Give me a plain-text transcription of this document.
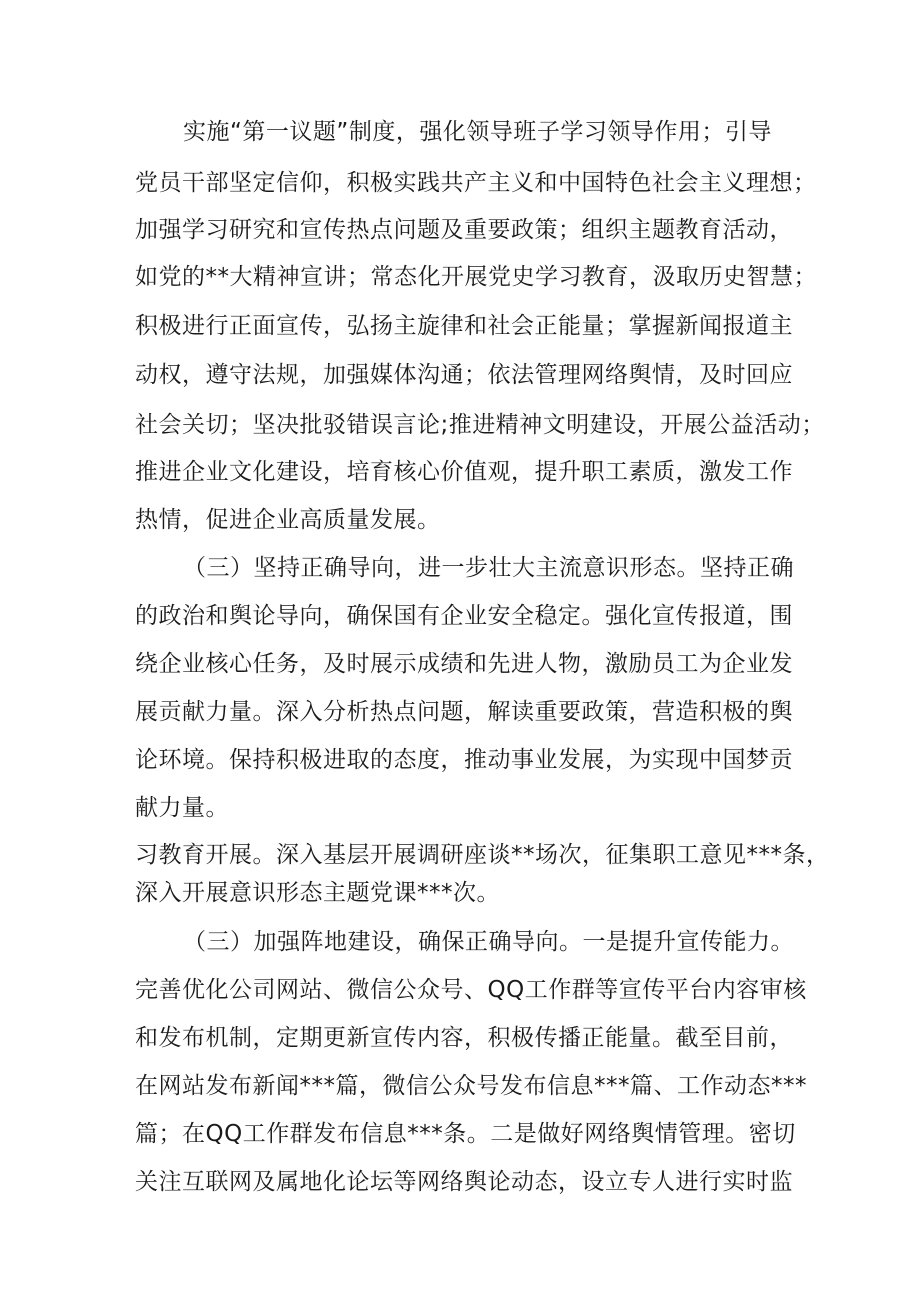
实施“第一议题”制度，强化领导班子学习领导作用；引导
党员干部坚定信仰，积极实践共产主义和中国特色社会主义理想；
加强学习研究和宣传热点问题及重要政策；组织主题教育活动，
如党的**大精神宣讲；常态化开展党史学习教育，汲取历史智慧；
积极进行正面宣传，弘扬主旋律和社会正能量；掌握新闻报道主
动权，遵守法规，加强媒体沟通；依法管理网络舆情，及时回应
社会关切；坚决批驳错误言论;推进精神文明建设，开展公益活动；
推进企业文化建设，培育核心价值观，提升职工素质，激发工作
热情，促进企业高质量发展。
（三）坚持正确导向，进一步壮大主流意识形态。坚持正确
的政治和舆论导向，确保国有企业安全稳定。强化宣传报道，围
绕企业核心任务，及时展示成绩和先进人物，激励员工为企业发
展贡献力量。深入分析热点问题，解读重要政策，营造积极的舆
论环境。保持积极进取的态度，推动事业发展，为实现中国梦贡
献力量。
习教育开展。深入基层开展调研座谈**场次，征集职工意见***条，
深入开展意识形态主题党课***次。
（三）加强阵地建设，确保正确导向。一是提升宣传能力。
完善优化公司网站、微信公众号、QQ工作群等宣传平台内容审核
和发布机制，定期更新宣传内容，积极传播正能量。截至目前，
在网站发布新闻***篇，微信公众号发布信息***篇、工作动态***
篇；在QQ工作群发布信息***条。二是做好网络舆情管理。密切
关注互联网及属地化论坛等网络舆论动态，设立专人进行实时监
